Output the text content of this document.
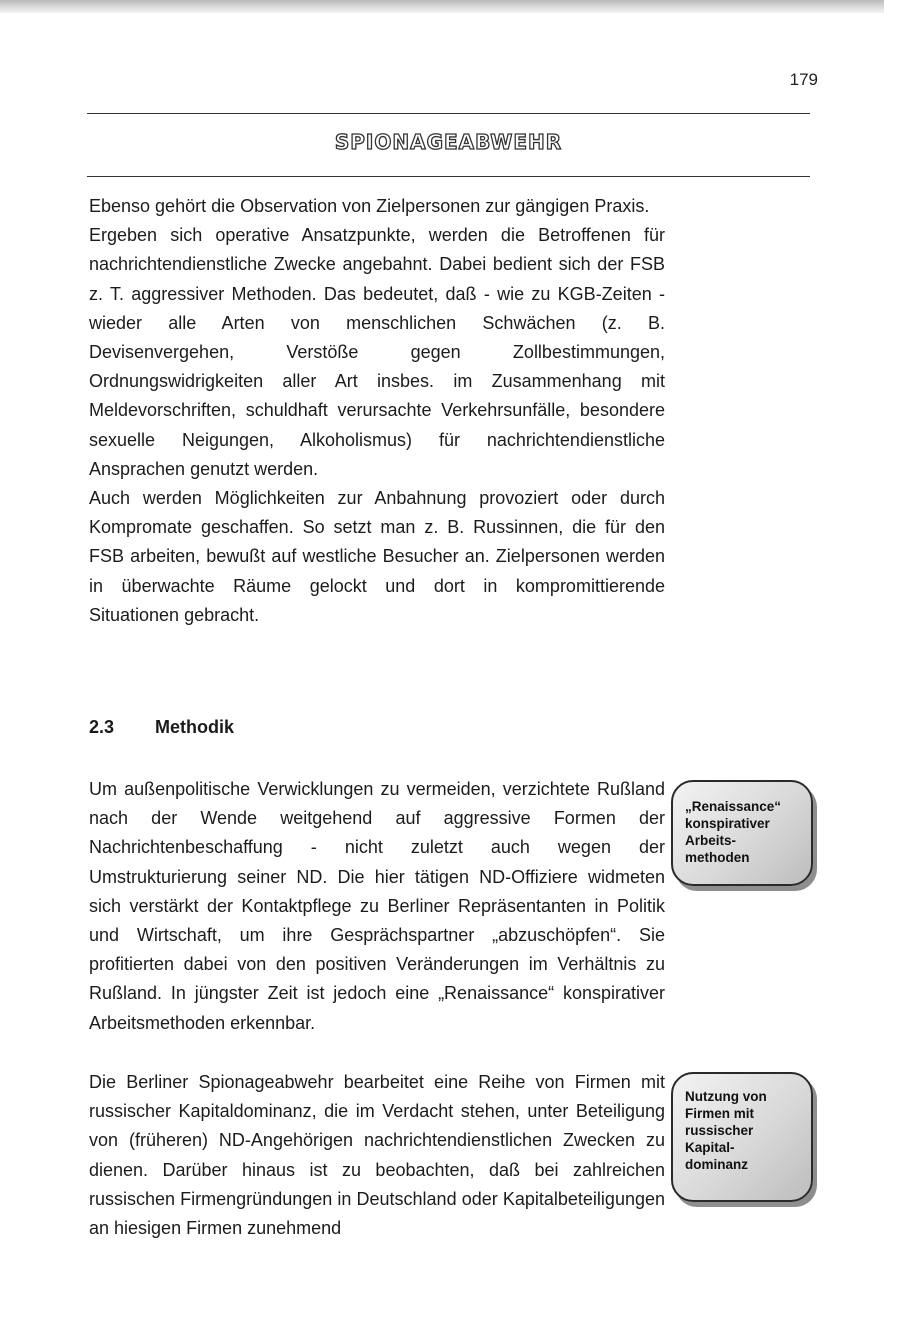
179
SPIONAGEABWEHR

Ebenso gehört die Observation von Zielpersonen zur gängigen Praxis.

Ergeben sich operative Ansatzpunkte, werden die Betroffenen für nachrichtendienstliche Zwecke angebahnt. Dabei bedient sich der FSB z. T. aggressiver Methoden. Das bedeutet, daß - wie zu KGB-Zeiten - wieder alle Arten von menschlichen Schwächen (z. B. Devisenvergehen, Verstöße gegen Zollbestimmungen, Ordnungswidrigkeiten aller Art insbes. im Zusammenhang mit Meldevorschriften, schuldhaft verursachte Verkehrsunfälle, besondere sexuelle Neigungen, Alkoholismus) für nachrichtendienstliche Ansprachen genutzt werden.

Auch werden Möglichkeiten zur Anbahnung provoziert oder durch Kompromate geschaffen. So setzt man z. B. Russinnen, die für den FSB arbeiten, bewußt auf westliche Besucher an. Zielpersonen werden in überwachte Räume gelockt und dort in kompromittierende Situationen gebracht.

2.3 Methodik

Um außenpolitische Verwicklungen zu vermeiden, verzichtete Rußland nach der Wende weitgehend auf aggressive Formen der Nachrichtenbeschaffung - nicht zuletzt auch wegen der Umstrukturierung seiner ND. Die hier tätigen ND-Offiziere widmeten sich verstärkt der Kontaktpflege zu Berliner Repräsentanten in Politik und Wirtschaft, um ihre Gesprächspartner „abzuschöpfen“. Sie profitierten dabei von den positiven Veränderungen im Verhältnis zu Rußland. In jüngster Zeit ist jedoch eine „Renaissance“ konspirativer Arbeitsmethoden erkennbar.

„Renaissance“
konspirativer
Arbeits-
methoden

Die Berliner Spionageabwehr bearbeitet eine Reihe von Firmen mit russischer Kapitaldominanz, die im Verdacht stehen, unter Beteiligung von (früheren) ND-Angehörigen nachrichtendienstlichen Zwecken zu dienen. Darüber hinaus ist zu beobachten, daß bei zahlreichen russischen Firmengründungen in Deutschland oder Kapitalbeteiligungen an hiesigen Firmen zunehmend

Nutzung von
Firmen mit
russischer
Kapital-
dominanz
